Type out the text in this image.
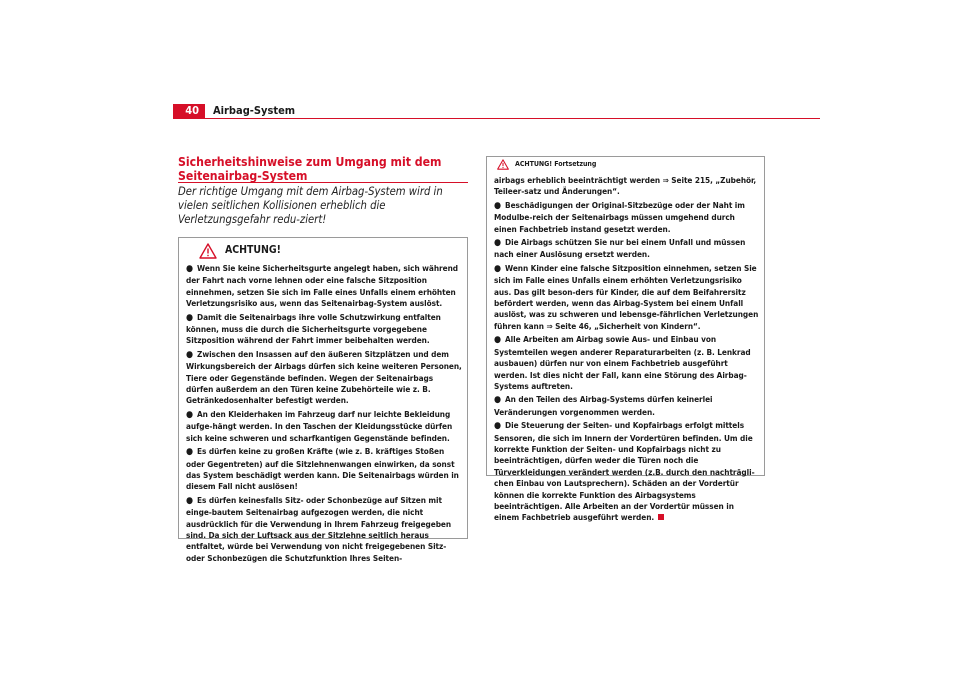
40	Airbag-System
Sicherheitshinweise zum Umgang mit dem Seitenairbag-System
Der richtige Umgang mit dem Airbag-System wird in vielen seitlichen Kollisionen erheblich die Verletzungsgefahr redu-ziert!
ACHTUNG!

● Wenn Sie keine Sicherheitsgurte angelegt haben, sich während der Fahrt nach vorne lehnen oder eine falsche Sitzposition einnehmen, setzen Sie sich im Falle eines Unfalls einem erhöhten Verletzungsrisiko aus, wenn das Seitenairbag-System auslöst.

● Damit die Seitenairbags ihre volle Schutzwirkung entfalten können, muss die durch die Sicherheitsgurte vorgegebene Sitzposition während der Fahrt immer beibehalten werden.

● Zwischen den Insassen auf den äußeren Sitzplätzen und dem Wirkungsbereich der Airbags dürfen sich keine weiteren Personen, Tiere oder Gegenstände befinden. Wegen der Seitenairbags dürfen außerdem an den Türen keine Zubehörteile wie z. B. Getränkedosenhalter befestigt werden.

● An den Kleiderhaken im Fahrzeug darf nur leichte Bekleidung aufge-hängt werden. In den Taschen der Kleidungsstücke dürfen sich keine schweren und scharfkantigen Gegenstände befinden.

● Es dürfen keine zu großen Kräfte (wie z. B. kräftiges Stoßen oder Gegentreten) auf die Sitzlehnenwangen einwirken, da sonst das System beschädigt werden kann. Die Seitenairbags würden in diesem Fall nicht auslösen!

● Es dürfen keinesfalls Sitz- oder Schonbezüge auf Sitzen mit einge-bautem Seitenairbag aufgezogen werden, die nicht ausdrücklich für die Verwendung in Ihrem Fahrzeug freigegeben sind. Da sich der Luftsack aus der Sitzlehne seitlich heraus entfaltet, würde bei Verwendung von nicht freigegebenen Sitz- oder Schonbezügen die Schutzfunktion Ihres Seiten-

ACHTUNG! Fortsetzung

airbags erheblich beeinträchtigt werden ⇒ Seite 215, „Zubehör, Teileer-satz und Änderungen“.

● Beschädigungen der Original-Sitzbezüge oder der Naht im Modulbe-reich der Seitenairbags müssen umgehend durch einen Fachbetrieb instand gesetzt werden.

● Die Airbags schützen Sie nur bei einem Unfall und müssen nach einer Auslösung ersetzt werden.

● Wenn Kinder eine falsche Sitzposition einnehmen, setzen Sie sich im Falle eines Unfalls einem erhöhten Verletzungsrisiko aus. Das gilt beson-ders für Kinder, die auf dem Beifahrersitz befördert werden, wenn das Airbag-System bei einem Unfall auslöst, was zu schweren und lebensge-fährlichen Verletzungen führen kann ⇒ Seite 46, „Sicherheit von Kindern“.

● Alle Arbeiten am Airbag sowie Aus- und Einbau von Systemteilen wegen anderer Reparaturarbeiten (z. B. Lenkrad ausbauen) dürfen nur von einem Fachbetrieb ausgeführt werden. Ist dies nicht der Fall, kann eine Störung des Airbag-Systems auftreten.

● An den Teilen des Airbag-Systems dürfen keinerlei Veränderungen vorgenommen werden.

● Die Steuerung der Seiten- und Kopfairbags erfolgt mittels Sensoren, die sich im Innern der Vordertüren befinden. Um die korrekte Funktion der Seiten- und Kopfairbags nicht zu beeinträchtigen, dürfen weder die Türen noch die Türverkleidungen verändert werden (z.B. durch den nachträgli-chen Einbau von Lautsprechern). Schäden an der Vordertür können die korrekte Funktion des Airbagsystems beeinträchtigen. Alle Arbeiten an der Vordertür müssen in einem Fachbetrieb ausgeführt werden.
